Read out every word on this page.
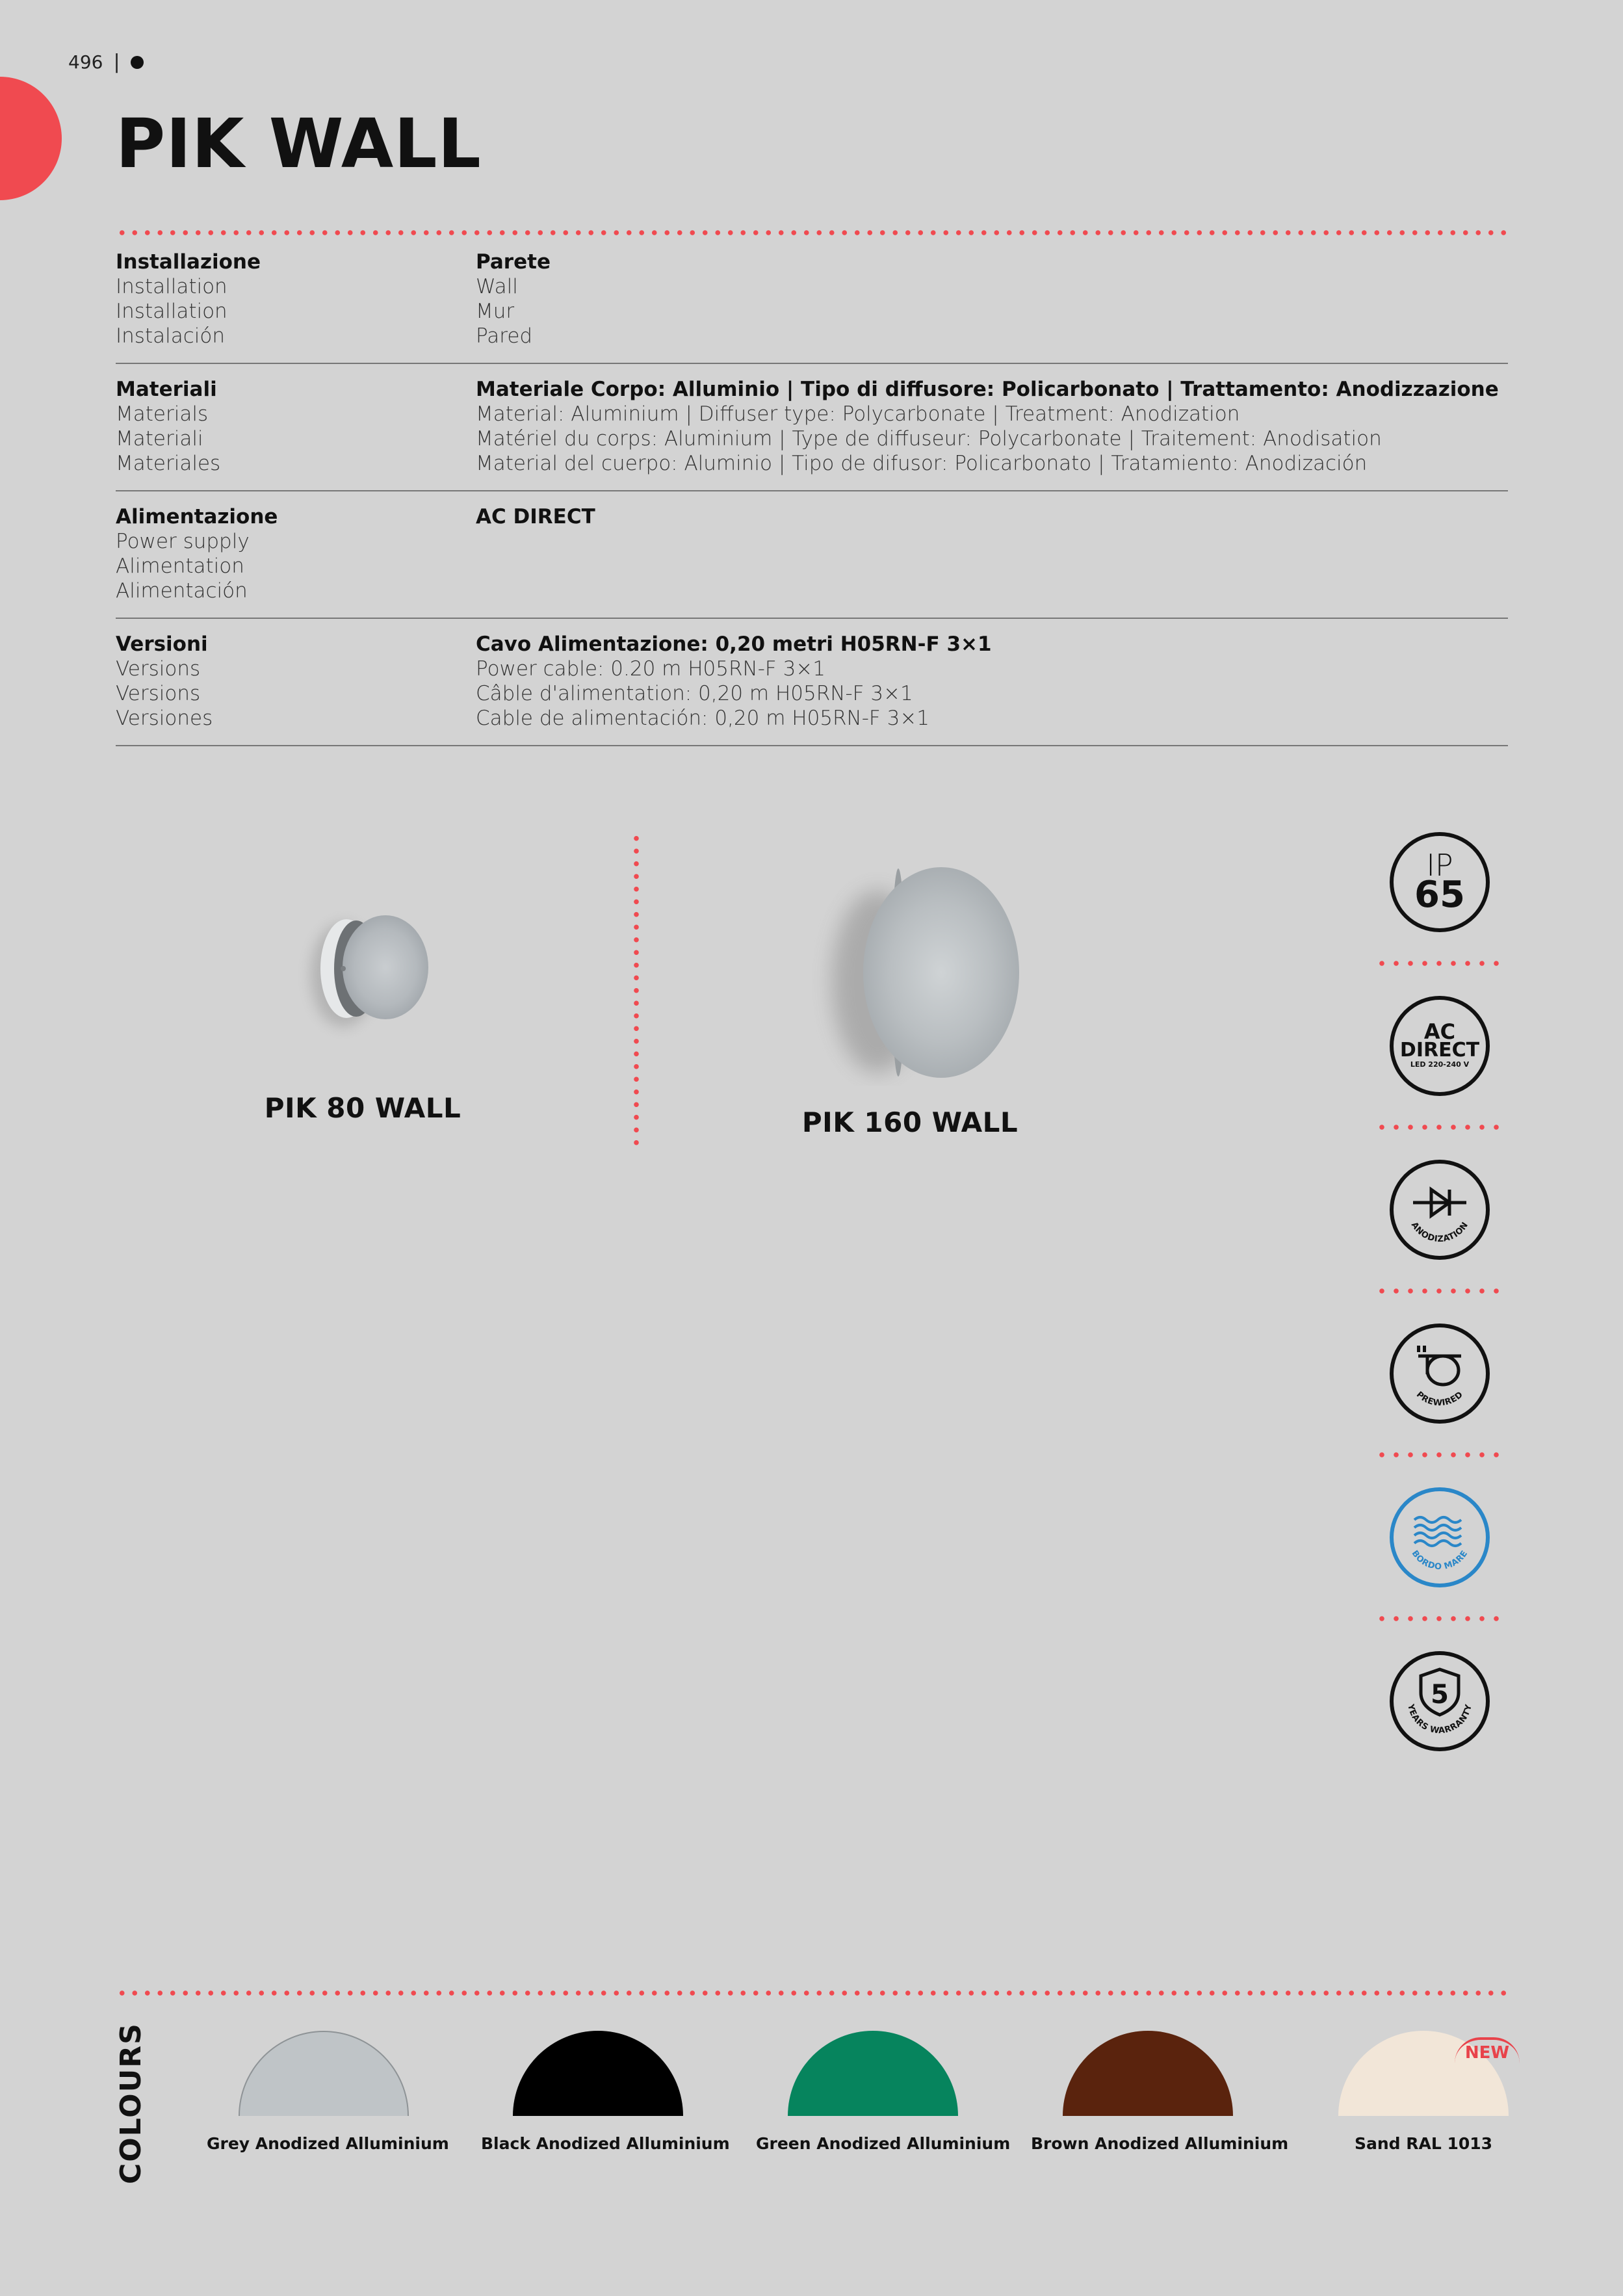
496 |
PIK WALL
Installazione
Installation
Installation
Instalación
Parete
Wall
Mur
Pared
Materiali
Materials
Materiali
Materiales
Materiale Corpo: Alluminio | Tipo di diffusore: Policarbonato | Trattamento: Anodizzazione
Material: Aluminium | Diffuser type: Polycarbonate | Treatment: Anodization
Matériel du corps: Aluminium | Type de diffuseur: Polycarbonate | Traitement: Anodisation
Material del cuerpo: Aluminio | Tipo de difusor: Policarbonato | Tratamiento: Anodización
Alimentazione
Power supply
Alimentation
Alimentación
AC DIRECT

Versioni
Versions
Versions
Versiones
Cavo Alimentazione: 0,20 metri H05RN-F 3×1
Power cable: 0.20 m H05RN-F 3×1
Câble d'alimentation: 0,20 m H05RN-F 3×1
Cable de alimentación: 0,20 m H05RN-F 3×1
PIK 80 WALL	PIK 160 WALL
IP
65
AC
DIRECT
LED 220-240 V
ANODIZATION
PREWIRED
BORDO MARE
5
YEARS WARRANTY
COLOURS	Grey Anodized Alluminium Black Anodized Alluminium Green Anodized Alluminium Brown Anodized Alluminium
NEW
Sand RAL 1013
